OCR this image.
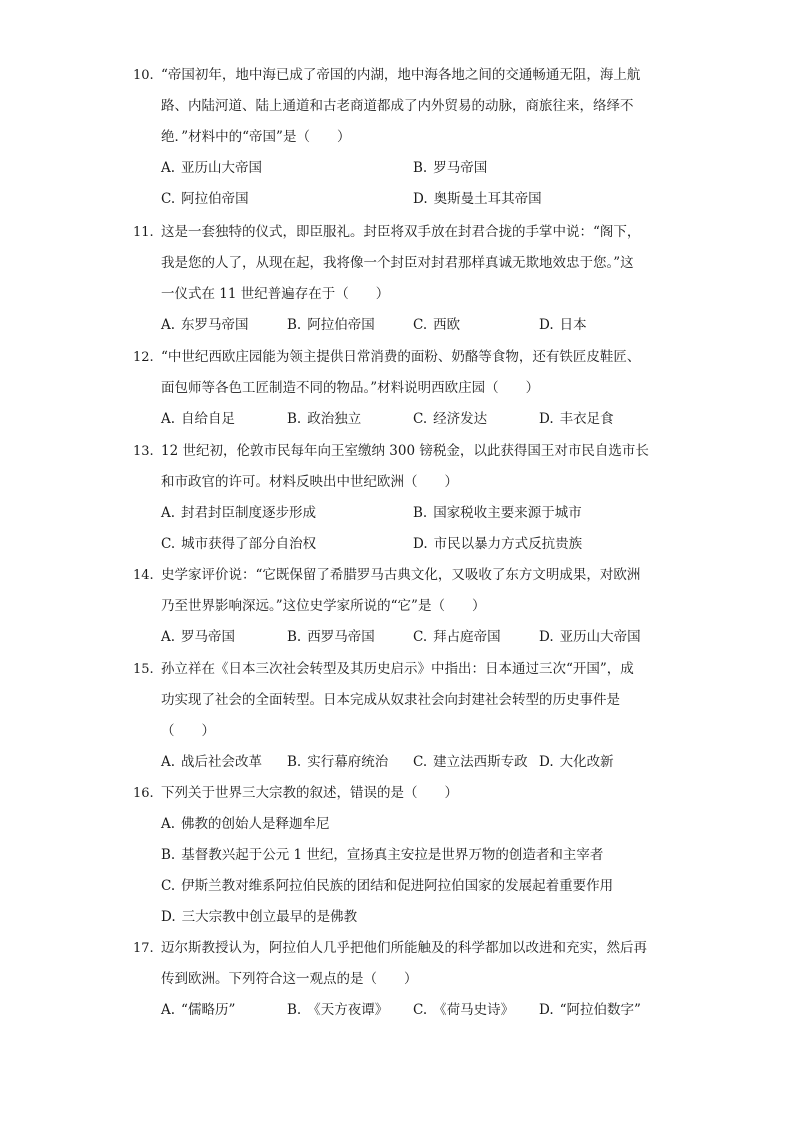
10. “帝国初年，地中海已成了帝国的内湖，地中海各地之间的交通畅通无阻，海上航
路、内陆河道、陆上通道和古老商道都成了内外贸易的动脉，商旅往来，络绎不
绝．”材料中的“帝国”是（　　）
A. 亚历山大帝国	B. 罗马帝国
C. 阿拉伯帝国	D. 奥斯曼土耳其帝国
11. 这是一套独特的仪式，即臣服礼。封臣将双手放在封君合拢的手掌中说：“阁下，
我是您的人了，从现在起，我将像一个封臣对封君那样真诚无欺地效忠于您。”这
一仪式在 11 世纪普遍存在于（　　）
A. 东罗马帝国	B. 阿拉伯帝国	C. 西欧	D. 日本
12. “中世纪西欧庄园能为领主提供日常消费的面粉、奶酪等食物，还有铁匠皮鞋匠、
面包师等各色工匠制造不同的物品。”材料说明西欧庄园（　　）
A. 自给自足	B. 政治独立	C. 经济发达	D. 丰衣足食
13. 12 世纪初，伦敦市民每年向王室缴纳 300 镑税金，以此获得国王对市民自选市长
和市政官的许可。材料反映出中世纪欧洲（　　）
A. 封君封臣制度逐步形成	B. 国家税收主要来源于城市
C. 城市获得了部分自治权	D. 市民以暴力方式反抗贵族
14. 史学家评价说：“它既保留了希腊罗马古典文化，又吸收了东方文明成果，对欧洲
乃至世界影响深远。”这位史学家所说的“它”是（　　）
A. 罗马帝国	B. 西罗马帝国	C. 拜占庭帝国	D. 亚历山大帝国
15. 孙立祥在《日本三次社会转型及其历史启示》中指出：日本通过三次“开国”，成
功实现了社会的全面转型。日本完成从奴隶社会向封建社会转型的历史事件是
（　　）
A. 战后社会改革 B. 实行幕府统治 C. 建立法西斯专政 D. 大化改新
16. 下列关于世界三大宗教的叙述，错误的是（　　）
A. 佛教的创始人是释迦牟尼
B. 基督教兴起于公元 1 世纪，宣扬真主安拉是世界万物的创造者和主宰者
C. 伊斯兰教对维系阿拉伯民族的团结和促进阿拉伯国家的发展起着重要作用
D. 三大宗教中创立最早的是佛教
17. 迈尔斯教授认为，阿拉伯人几乎把他们所能触及的科学都加以改进和充实，然后再
传到欧洲。下列符合这一观点的是（　　）
A. “儒略历”	B. 《天方夜谭》 C. 《荷马史诗》 D. “阿拉伯数字”
